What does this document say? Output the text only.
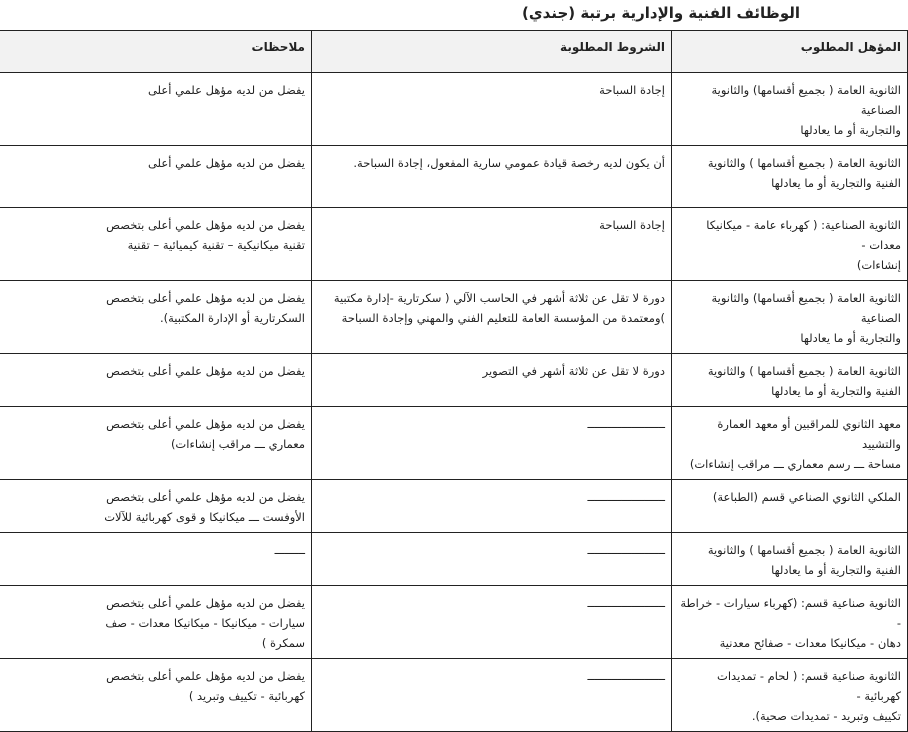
الوظائف الفنية والإدارية برتبة (جندي)
المؤهل المطلوب	الشروط المطلوبة	ملاحظات
الثانوية العامة ( بجميع أقسامها) والثانوية الصناعية
والتجارية أو ما يعادلها	إجادة السباحة	يفضل من لديه مؤهل علمي أعلى
الثانوية العامة ( بجميع أقسامها ) والثانوية
الفنية والتجارية أو ما يعادلها	أن يكون لديه رخصة قيادة عمومي سارية المفعول، إجادة السباحة.	يفضل من لديه مؤهل علمي أعلى
الثانوية الصناعية: ( كهرباء عامة - ميكانيكا معدات -
إنشاءات)	إجادة السباحة	يفضل من لديه مؤهل علمي أعلى بتخصص
تقنية ميكانيكية – تقنية كيميائية – تقنية
الثانوية العامة ( بجميع أقسامها) والثانوية الصناعية
والتجارية أو ما يعادلها	دورة لا تقل عن ثلاثة أشهر في الحاسب الآلي ( سكرتارية -إدارة مكتبية
)ومعتمدة من المؤسسة العامة للتعليم الفني والمهني وإجادة السباحة	يفضل من لديه مؤهل علمي أعلى بتخصص
السكرتارية أو الإدارة المكتبية).
الثانوية العامة ( بجميع أقسامها ) والثانوية
الفنية والتجارية أو ما يعادلها	دورة لا تقل عن ثلاثة أشهر في التصوير	يفضل من لديه مؤهل علمي أعلى بتخصص
معهد الثانوي للمراقبين أو معهد العمارة والتشييد
مساحة ـــ رسم معماري ـــ مراقب إنشاءات)	ـــــــــــــــــــــــ	يفضل من لديه مؤهل علمي أعلى بتخصص
معماري ـــ مراقب إنشاءات)
الملكي الثانوي الصناعي قسم (الطباعة)	ـــــــــــــــــــــــ	يفضل من لديه مؤهل علمي أعلى بتخصص
الأوفست ـــ ميكانيكا و قوى كهربائية للآلات
الثانوية العامة ( بجميع أقسامها ) والثانوية
الفنية والتجارية أو ما يعادلها	ـــــــــــــــــــــــ	ـــــــــ
الثانوية صناعية قسم: (كهرباء سيارات - خراطة -
دهان - ميكانيكا معدات - صفائح معدنية	ـــــــــــــــــــــــ	يفضل من لديه مؤهل علمي أعلى بتخصص
سيارات - ميكانيكا - ميكانيكا معدات - صف
سمكرة )
الثانوية صناعية قسم: ( لحام - تمديدات كهربائية -
تكييف وتبريد - تمديدات صحية).	ـــــــــــــــــــــــ	يفضل من لديه مؤهل علمي أعلى بتخصص
كهربائية - تكييف وتبريد )
